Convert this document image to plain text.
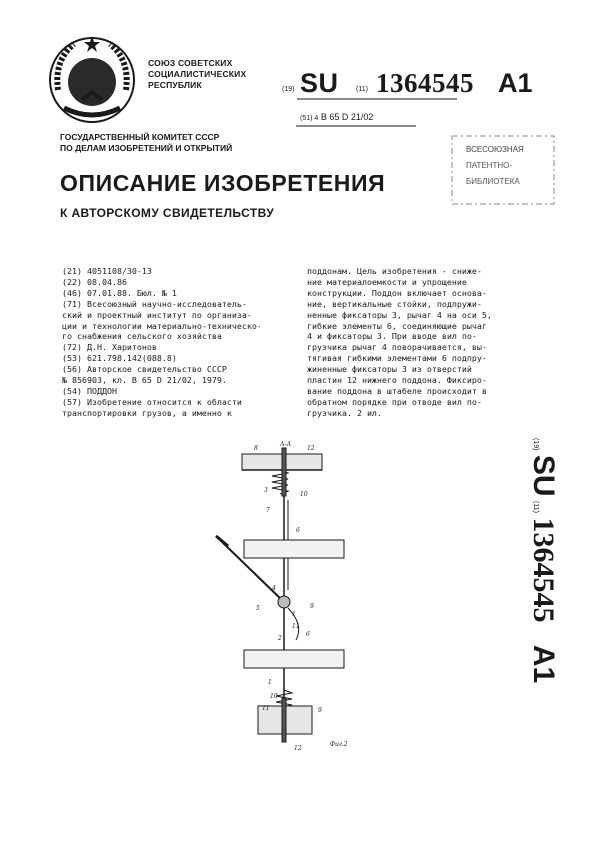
СОЮЗ СОВЕТСКИХ
СОЦИАЛИСТИЧЕСКИХ
РЕСПУБЛИК	(19) SU (11) 1364545 A1
(51) 4 B 65 D 21/02
ВСЕСОЮЗНАЯ
ПАТЕНТНО-
БИБЛИОТЕКА
ГОСУДАРСТВЕННЫЙ КОМИТЕТ СССР
ПО ДЕЛАМ ИЗОБРЕТЕНИЙ И ОТКРЫТИЙ
ОПИСАНИЕ ИЗОБРЕТЕНИЯ
К АВТОРСКОМУ СВИДЕТЕЛЬСТВУ
(21) 4051108/30-13
(22) 08.04.86
(46) 07.01.88. Бюл. № 1
(71) Всесоюзный научно-исследователь-
ский и проектный институт по организа-
ции и технологии материально-техническо-
го снабжения сельского хозяйства
(72) Д.Н. Харитонов
(53) 621.798.142(088.8)
(56) Авторское свидетельство СССР
№ 856903, кл. B 65 D 21/02, 1979.
(54) ПОДДОН
(57) Изобретение относится к области
транспортировки грузов, а именно к
поддонам. Цель изобретения - сниже-
ние материалоемкости и упрощение
конструкции. Поддон включает основа-
ние, вертикальные стойки, подпружи-
ненные фиксаторы 3, рычаг 4 на оси 5,
гибкие элементы 6, соединяющие рычаг
4 и фиксаторы 3. При вводе вил по-
грузчика рычаг 4 поворачивается, вы-
тягивая гибкими элементами 6 подпру-
жиненные фиксаторы 3 из отверстий
пластин 12 нижнего поддона. Фиксиро-
вание поддона в штабеле происходит в
обратном порядке при отводе вил по-
грузчика. 2 ил.
(19) SU (11) 1364545 A1
А-А
8	12
3
10
7
6
4
5
1
9
11
2
6
1
10
11	9
12
Фиг.2
